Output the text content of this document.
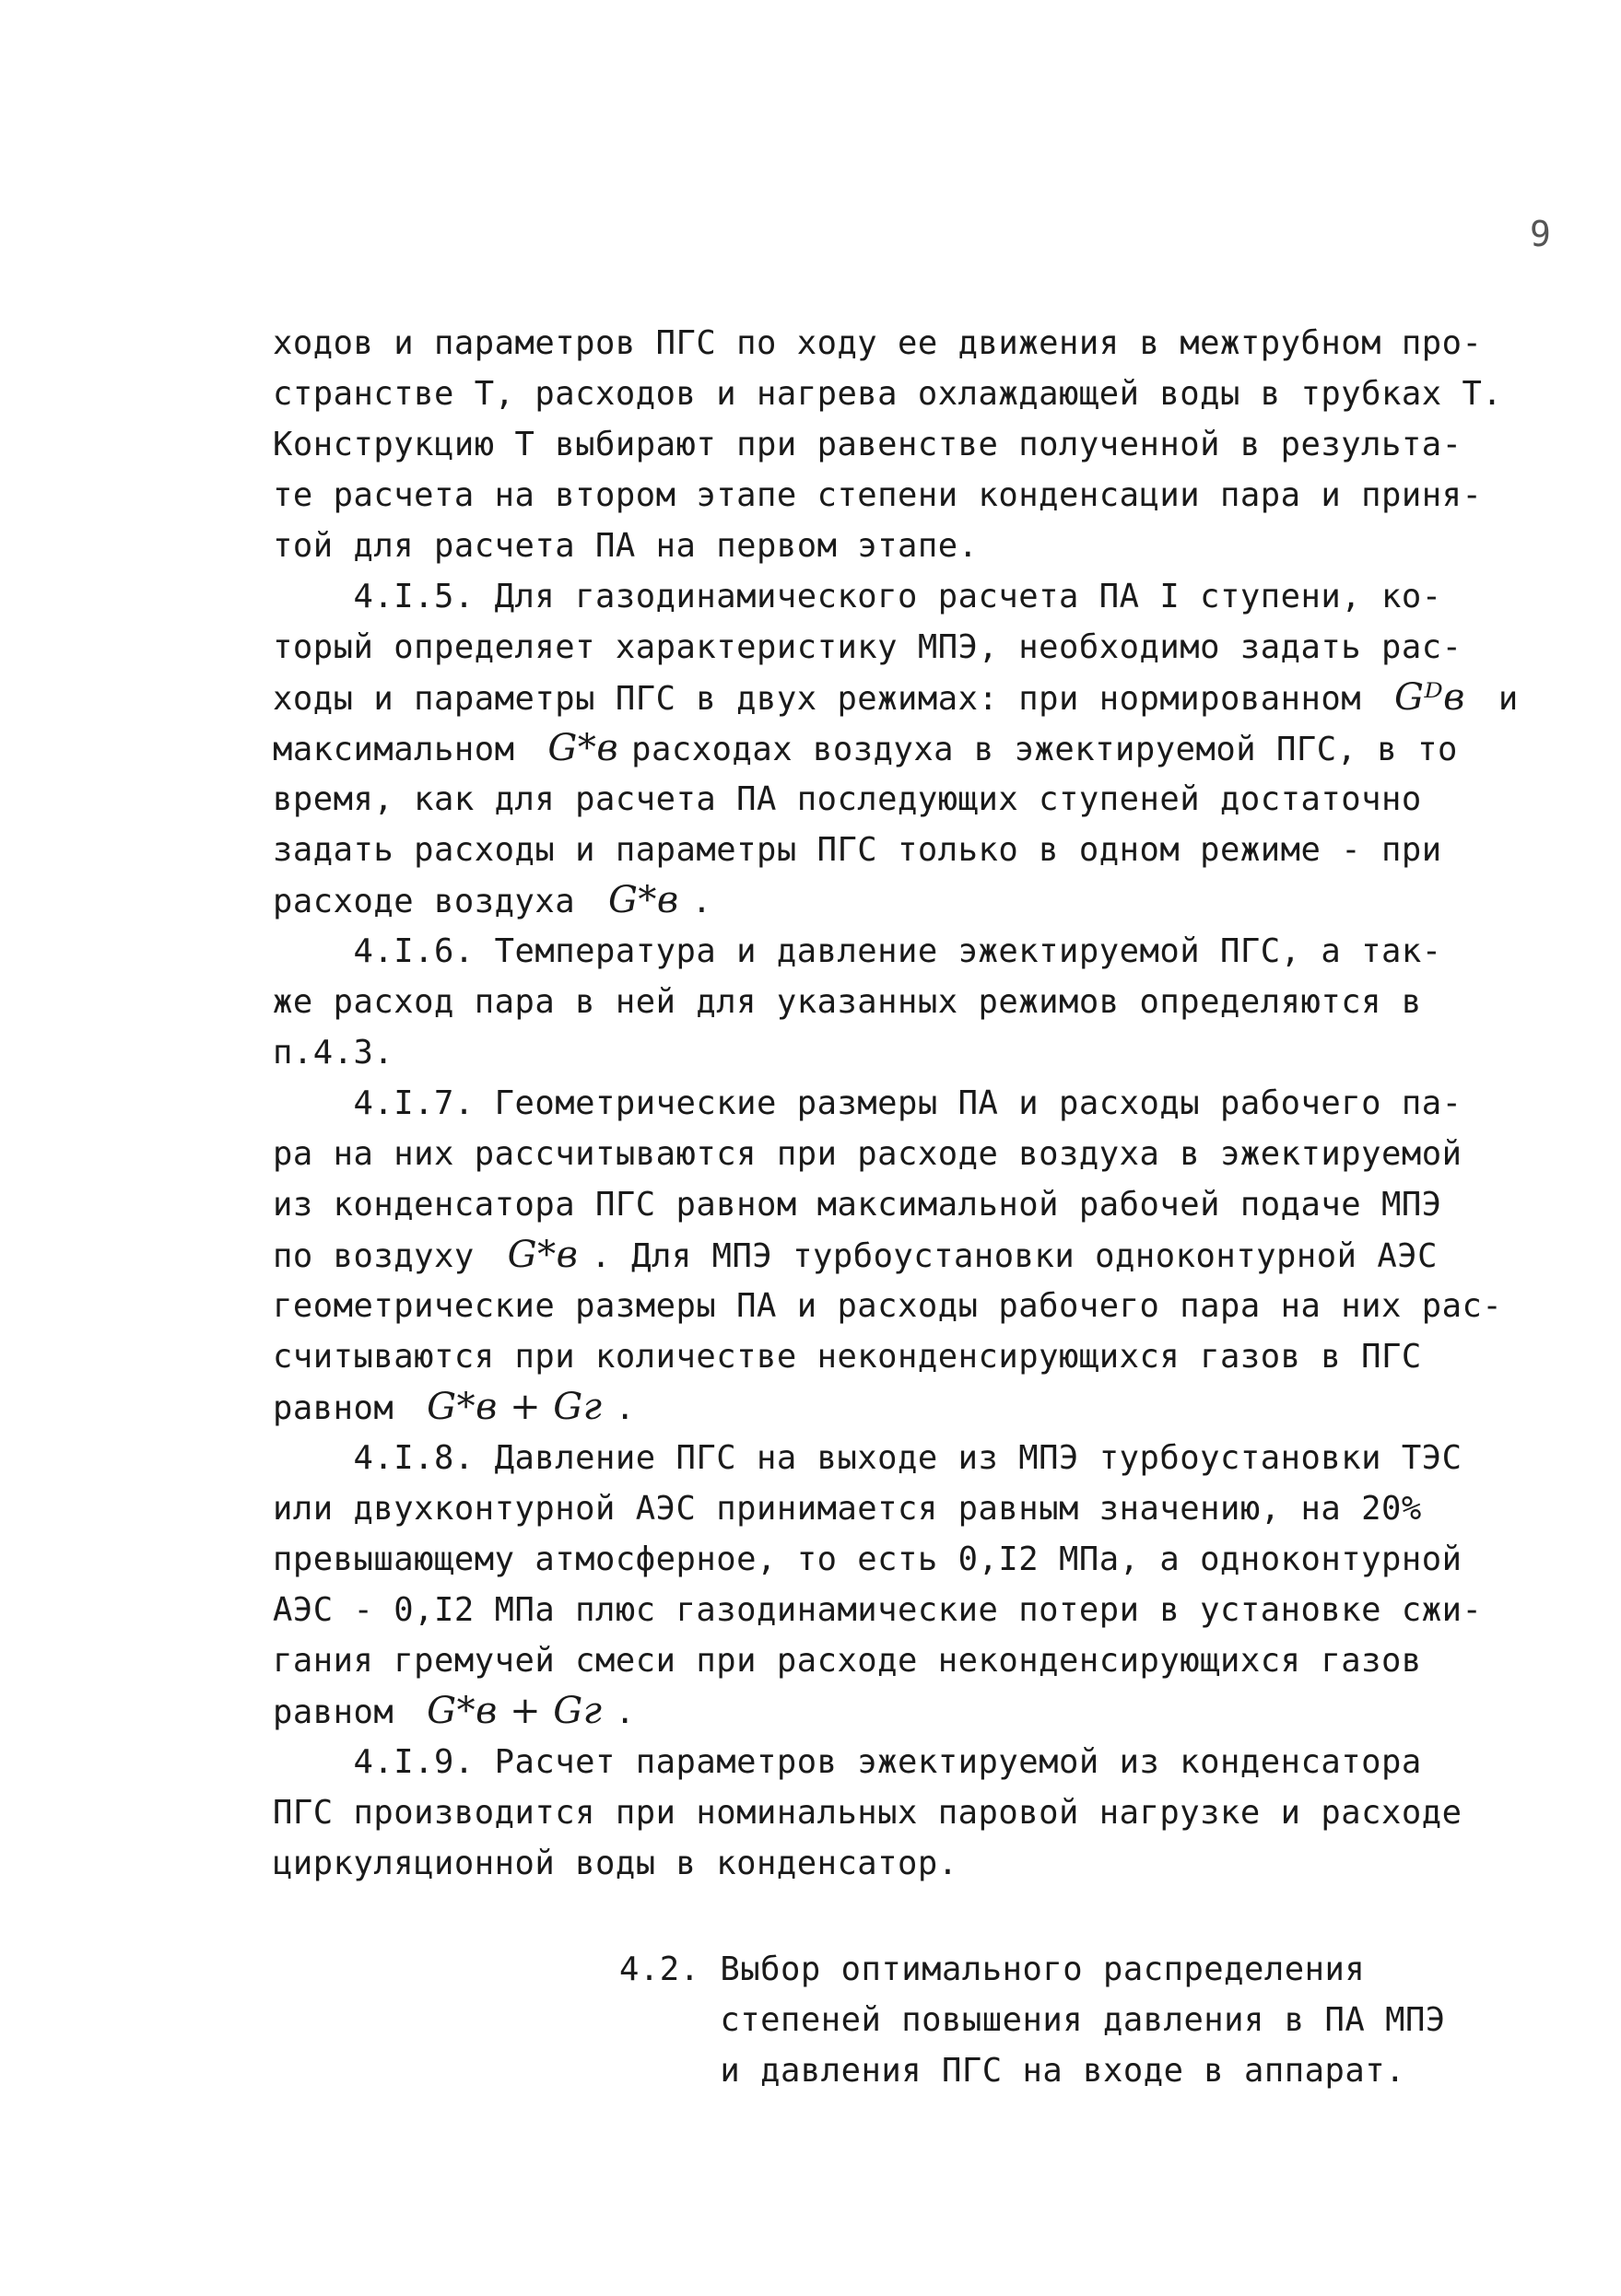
9
ходов и параметров ПГС по ходу ее движения в межтрубном про-
странстве Т, расходов и нагрева охлаждающей воды в трубках Т.
Конструкцию Т выбирают при равенстве полученной в результа-
те расчета на втором этапе степени конденсации пара и приня-
той для расчета ПА на первом этапе.
4.I.5. Для газодинамического расчета ПА I ступени, ко-
торый определяет характеристику МПЭ, необходимо задать рас-
ходы и параметры ПГС в двух режимах: при нормированном Gᴰв и
максимальном G*в расходах воздуха в эжектируемой ПГС, в то
время, как для расчета ПА последующих ступеней достаточно
задать расходы и параметры ПГС только в одном режиме - при
расходе воздуха G*в .
4.I.6. Температура и давление эжектируемой ПГС, а так-
же расход пара в ней для указанных режимов определяются в
п.4.3.
4.I.7. Геометрические размеры ПА и расходы рабочего па-
ра на них рассчитываются при расходе воздуха в эжектируемой
из конденсатора ПГС равном максимальной рабочей подаче МПЭ
по воздуху G*в . Для МПЭ турбоустановки одноконтурной АЭС
геометрические размеры ПА и расходы рабочего пара на них рас-
считываются при количестве неконденсирующихся газов в ПГС
равном G*в + Gг .
4.I.8. Давление ПГС на выходе из МПЭ турбоустановки ТЭС
или двухконтурной АЭС принимается равным значению, на 20%
превышающему атмосферное, то есть 0,I2 МПа, а одноконтурной
АЭС - 0,I2 МПа плюс газодинамические потери в установке сжи-
гания гремучей смеси при расходе неконденсирующихся газов
равном G*в + Gг .
4.I.9. Расчет параметров эжектируемой из конденсатора
ПГС производится при номинальных паровой нагрузке и расходе
циркуляционной воды в конденсатор.
4.2. Выбор оптимального распределения
степеней повышения давления в ПА МПЭ
и давления ПГС на входе в аппарат.
